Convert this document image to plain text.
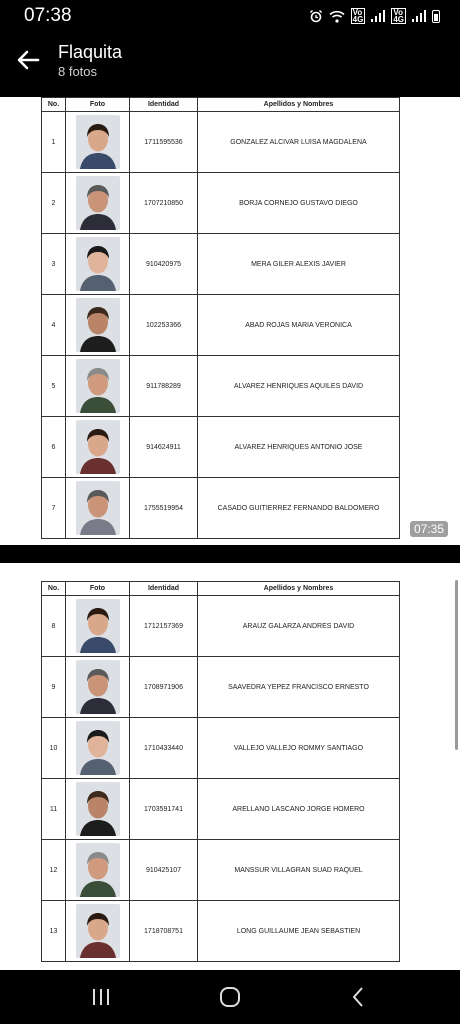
07:38	Vo
4G
Vo
4G
Flaquita
8 fotos
No.	Foto	Identidad	Apellidos y Nombres
1		1711595536	GONZALEZ ALCIVAR LUISA MAGDALENA
2		1707210850	BORJA CORNEJO GUSTAVO DIEGO
3		910420975	MERA GILER ALEXIS JAVIER
4		102253366	ABAD ROJAS MARIA VERONICA
5		911788289	ALVAREZ HENRIQUES AQUILES DAVID
6		914624911	ALVAREZ HENRIQUES ANTONIO JOSE
7		1755519954	CASADO GUITIERREZ FERNANDO BALDOMERO
07:35
No.	Foto	Identidad	Apellidos y Nombres
8		1712157369	ARAUZ GALARZA ANDRES DAVID
9		1708971906	SAAVEDRA YEPEZ FRANCISCO ERNESTO
10		1710433440	VALLEJO VALLEJO ROMMY SANTIAGO
11		1703591741	ARELLANO LASCANO JORGE HOMERO
12		910425107	MANSSUR VILLAGRAN SUAD RAQUEL
13		1718708751	LONG GUILLAUME JEAN SEBASTIEN
